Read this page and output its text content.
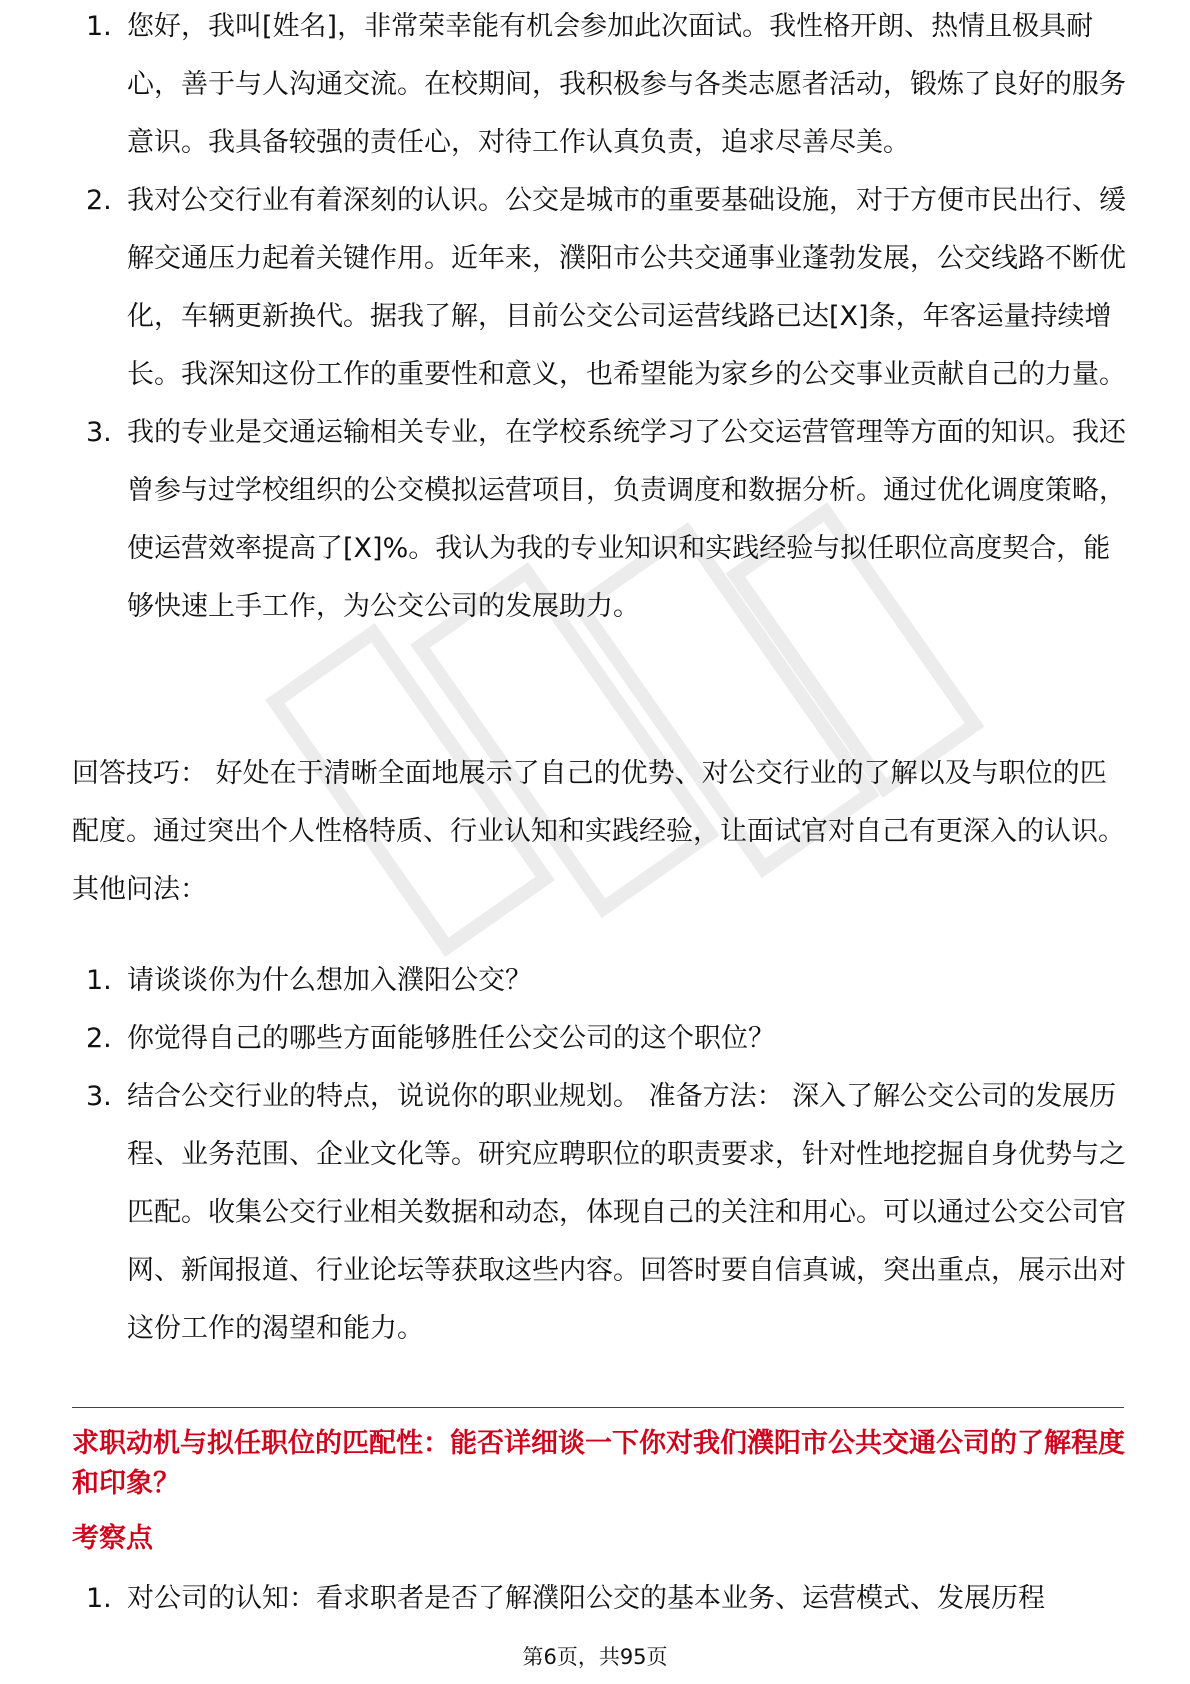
1. 您好，我叫[姓名]，非常荣幸能有机会参加此次面试。我性格开朗、热情且极具耐心，善于与人沟通交流。在校期间，我积极参与各类志愿者活动，锻炼了良好的服务意识。我具备较强的责任心，对待工作认真负责，追求尽善尽美。
2. 我对公交行业有着深刻的认识。公交是城市的重要基础设施，对于方便市民出行、缓解交通压力起着关键作用。近年来，濮阳市公共交通事业蓬勃发展，公交线路不断优化，车辆更新换代。据我了解，目前公交公司运营线路已达[X]条，年客运量持续增长。我深知这份工作的重要性和意义，也希望能为家乡的公交事业贡献自己的力量。
3. 我的专业是交通运输相关专业，在学校系统学习了公交运营管理等方面的知识。我还曾参与过学校组织的公交模拟运营项目，负责调度和数据分析。通过优化调度策略，使运营效率提高了[X]%。我认为我的专业知识和实践经验与拟任职位高度契合，能够快速上手工作，为公交公司的发展助力。

回答技巧： 好处在于清晰全面地展示了自己的优势、对公交行业的了解以及与职位的匹配度。通过突出个人性格特质、行业认知和实践经验，让面试官对自己有更深入的认识。 其他问法：

1. 请谈谈你为什么想加入濮阳公交？
2. 你觉得自己的哪些方面能够胜任公交公司的这个职位？
3. 结合公交行业的特点，说说你的职业规划。 准备方法： 深入了解公交公司的发展历程、业务范围、企业文化等。研究应聘职位的职责要求，针对性地挖掘自身优势与之匹配。收集公交行业相关数据和动态，体现自己的关注和用心。可以通过公交公司官网、新闻报道、行业论坛等获取这些内容。回答时要自信真诚，突出重点，展示出对这份工作的渴望和能力。
求职动机与拟任职位的匹配性：能否详细谈一下你对我们濮阳市公共交通公司的了解程度和印象？
考察点
1. 对公司的认知：看求职者是否了解濮阳公交的基本业务、运营模式、发展历程
第6页，共95页
